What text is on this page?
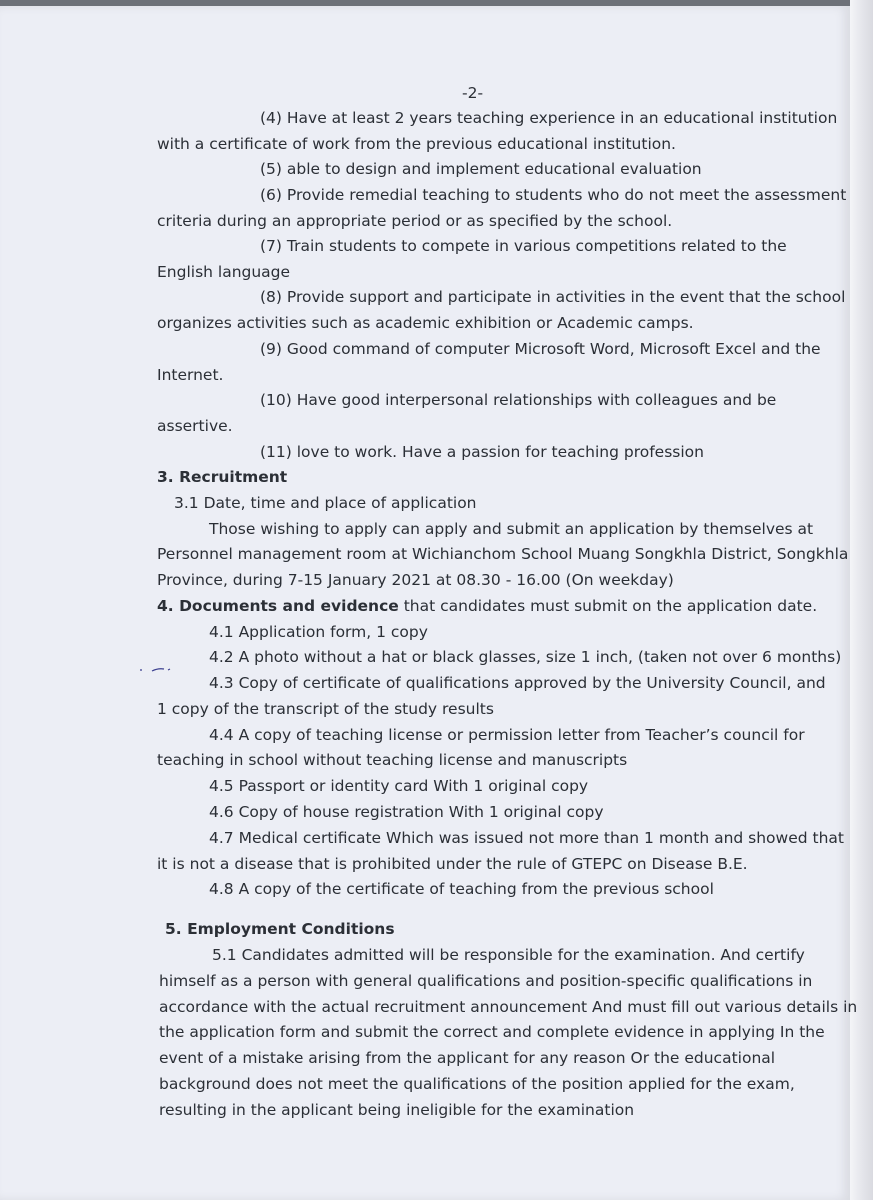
-2-
(4) Have at least 2 years teaching experience in an educational institution
with a certificate of work from the previous educational institution.
(5) able to design and implement educational evaluation
(6) Provide remedial teaching to students who do not meet the assessment
criteria during an appropriate period or as specified by the school.
(7) Train students to compete in various competitions related to the
English language
(8) Provide support and participate in activities in the event that the school
organizes activities such as academic exhibition or Academic camps.
(9) Good command of computer Microsoft Word, Microsoft Excel and the
Internet.
(10) Have good interpersonal relationships with colleagues and be
assertive.
(11) love to work. Have a passion for teaching profession
3. Recruitment
3.1 Date, time and place of application
Those wishing to apply can apply and submit an application by themselves at
Personnel management room at Wichianchom School Muang Songkhla District, Songkhla
Province, during 7-15 January 2021 at 08.30 - 16.00 (On weekday)
4. Documents and evidence that candidates must submit on the application date.
4.1 Application form, 1 copy
4.2 A photo without a hat or black glasses, size 1 inch, (taken not over 6 months)
4.3 Copy of certificate of qualifications approved by the University Council, and
1 copy of the transcript of the study results
4.4 A copy of teaching license or permission letter from Teacher’s council for
teaching in school without teaching license and manuscripts
4.5 Passport or identity card With 1 original copy
4.6 Copy of house registration With 1 original copy
4.7 Medical certificate Which was issued not more than 1 month and showed that
it is not a disease that is prohibited under the rule of GTEPC on Disease B.E.
4.8 A copy of the certificate of teaching from the previous school
5. Employment Conditions
5.1 Candidates admitted will be responsible for the examination. And certify
himself as a person with general qualifications and position-specific qualifications in
accordance with the actual recruitment announcement And must fill out various details in
the application form and submit the correct and complete evidence in applying In the
event of a mistake arising from the applicant for any reason Or the educational
background does not meet the qualifications of the position applied for the exam,
resulting in the applicant being ineligible for the examination
